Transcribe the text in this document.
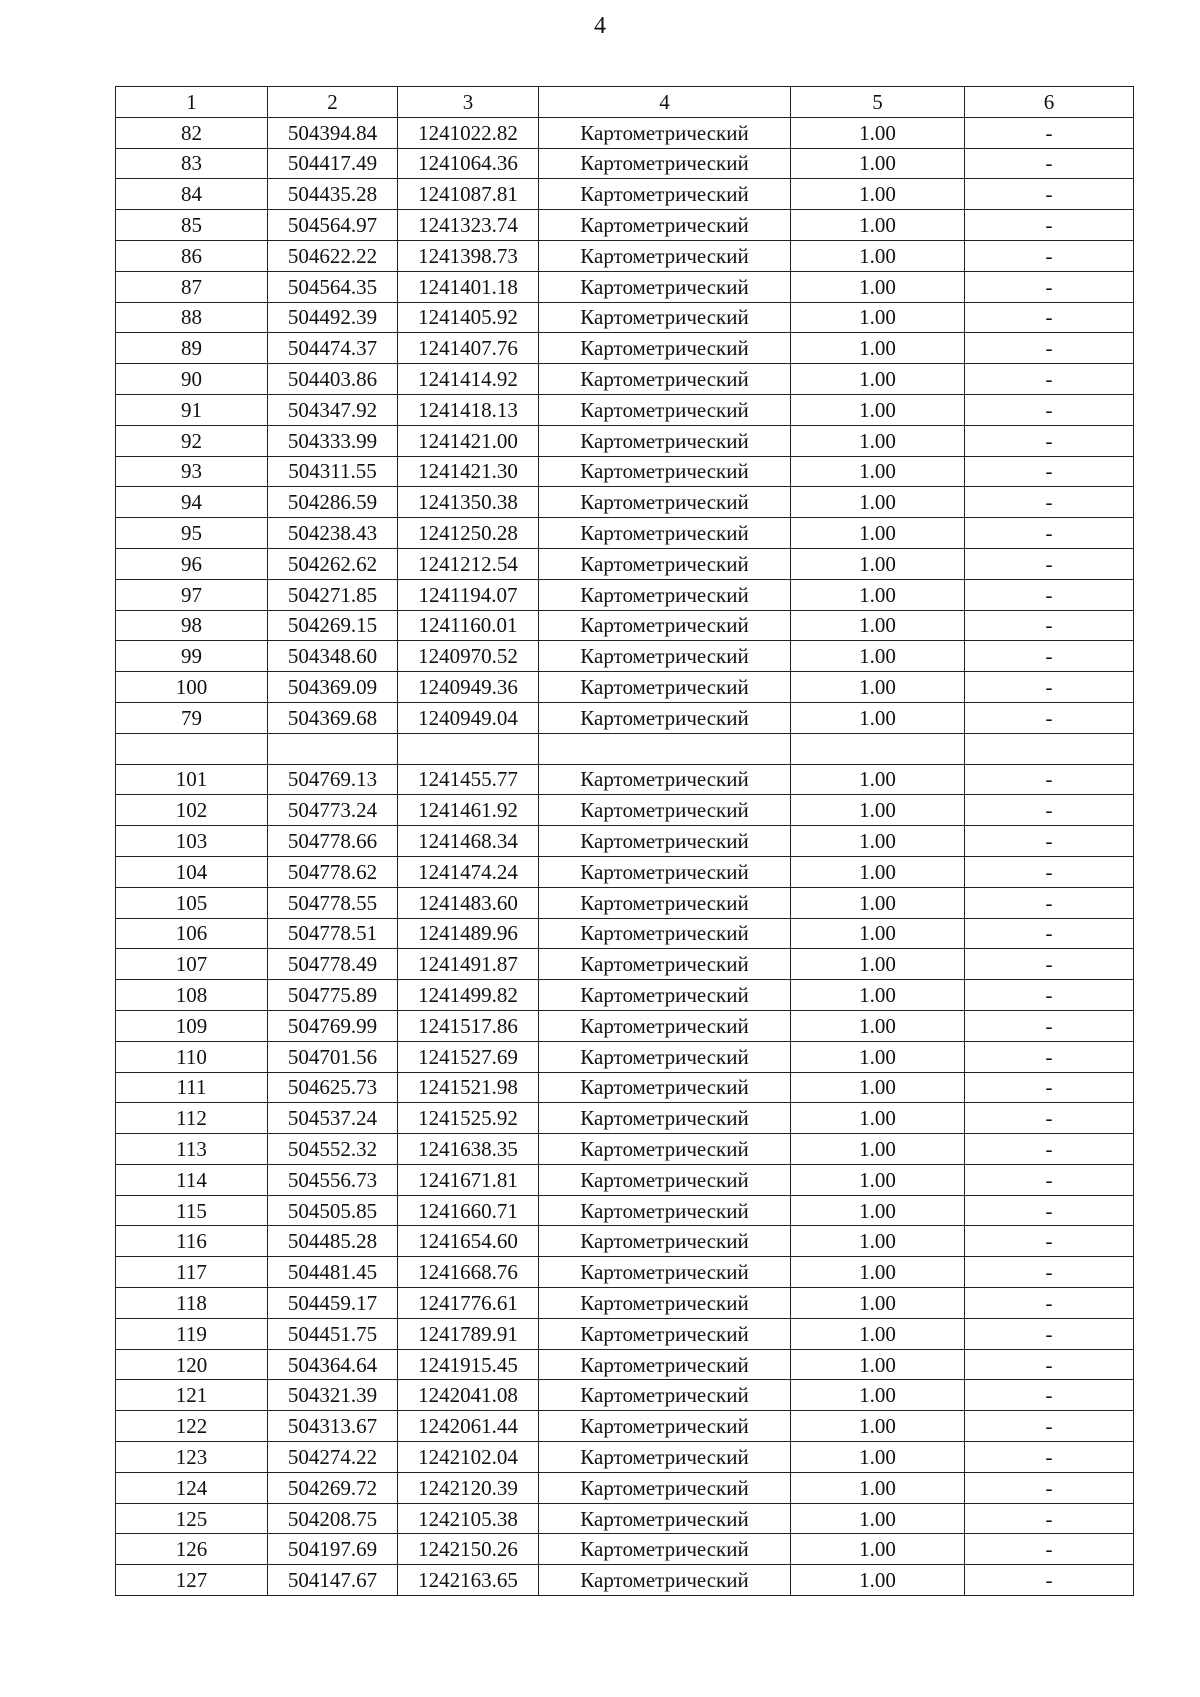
4
1	2	3	4	5	6
82	504394.84	1241022.82	Картометрический	1.00	-
83	504417.49	1241064.36	Картометрический	1.00	-
84	504435.28	1241087.81	Картометрический	1.00	-
85	504564.97	1241323.74	Картометрический	1.00	-
86	504622.22	1241398.73	Картометрический	1.00	-
87	504564.35	1241401.18	Картометрический	1.00	-
88	504492.39	1241405.92	Картометрический	1.00	-
89	504474.37	1241407.76	Картометрический	1.00	-
90	504403.86	1241414.92	Картометрический	1.00	-
91	504347.92	1241418.13	Картометрический	1.00	-
92	504333.99	1241421.00	Картометрический	1.00	-
93	504311.55	1241421.30	Картометрический	1.00	-
94	504286.59	1241350.38	Картометрический	1.00	-
95	504238.43	1241250.28	Картометрический	1.00	-
96	504262.62	1241212.54	Картометрический	1.00	-
97	504271.85	1241194.07	Картометрический	1.00	-
98	504269.15	1241160.01	Картометрический	1.00	-
99	504348.60	1240970.52	Картометрический	1.00	-
100	504369.09	1240949.36	Картометрический	1.00	-
79	504369.68	1240949.04	Картометрический	1.00	-

101	504769.13	1241455.77	Картометрический	1.00	-
102	504773.24	1241461.92	Картометрический	1.00	-
103	504778.66	1241468.34	Картометрический	1.00	-
104	504778.62	1241474.24	Картометрический	1.00	-
105	504778.55	1241483.60	Картометрический	1.00	-
106	504778.51	1241489.96	Картометрический	1.00	-
107	504778.49	1241491.87	Картометрический	1.00	-
108	504775.89	1241499.82	Картометрический	1.00	-
109	504769.99	1241517.86	Картометрический	1.00	-
110	504701.56	1241527.69	Картометрический	1.00	-
111	504625.73	1241521.98	Картометрический	1.00	-
112	504537.24	1241525.92	Картометрический	1.00	-
113	504552.32	1241638.35	Картометрический	1.00	-
114	504556.73	1241671.81	Картометрический	1.00	-
115	504505.85	1241660.71	Картометрический	1.00	-
116	504485.28	1241654.60	Картометрический	1.00	-
117	504481.45	1241668.76	Картометрический	1.00	-
118	504459.17	1241776.61	Картометрический	1.00	-
119	504451.75	1241789.91	Картометрический	1.00	-
120	504364.64	1241915.45	Картометрический	1.00	-
121	504321.39	1242041.08	Картометрический	1.00	-
122	504313.67	1242061.44	Картометрический	1.00	-
123	504274.22	1242102.04	Картометрический	1.00	-
124	504269.72	1242120.39	Картометрический	1.00	-
125	504208.75	1242105.38	Картометрический	1.00	-
126	504197.69	1242150.26	Картометрический	1.00	-
127	504147.67	1242163.65	Картометрический	1.00	-
